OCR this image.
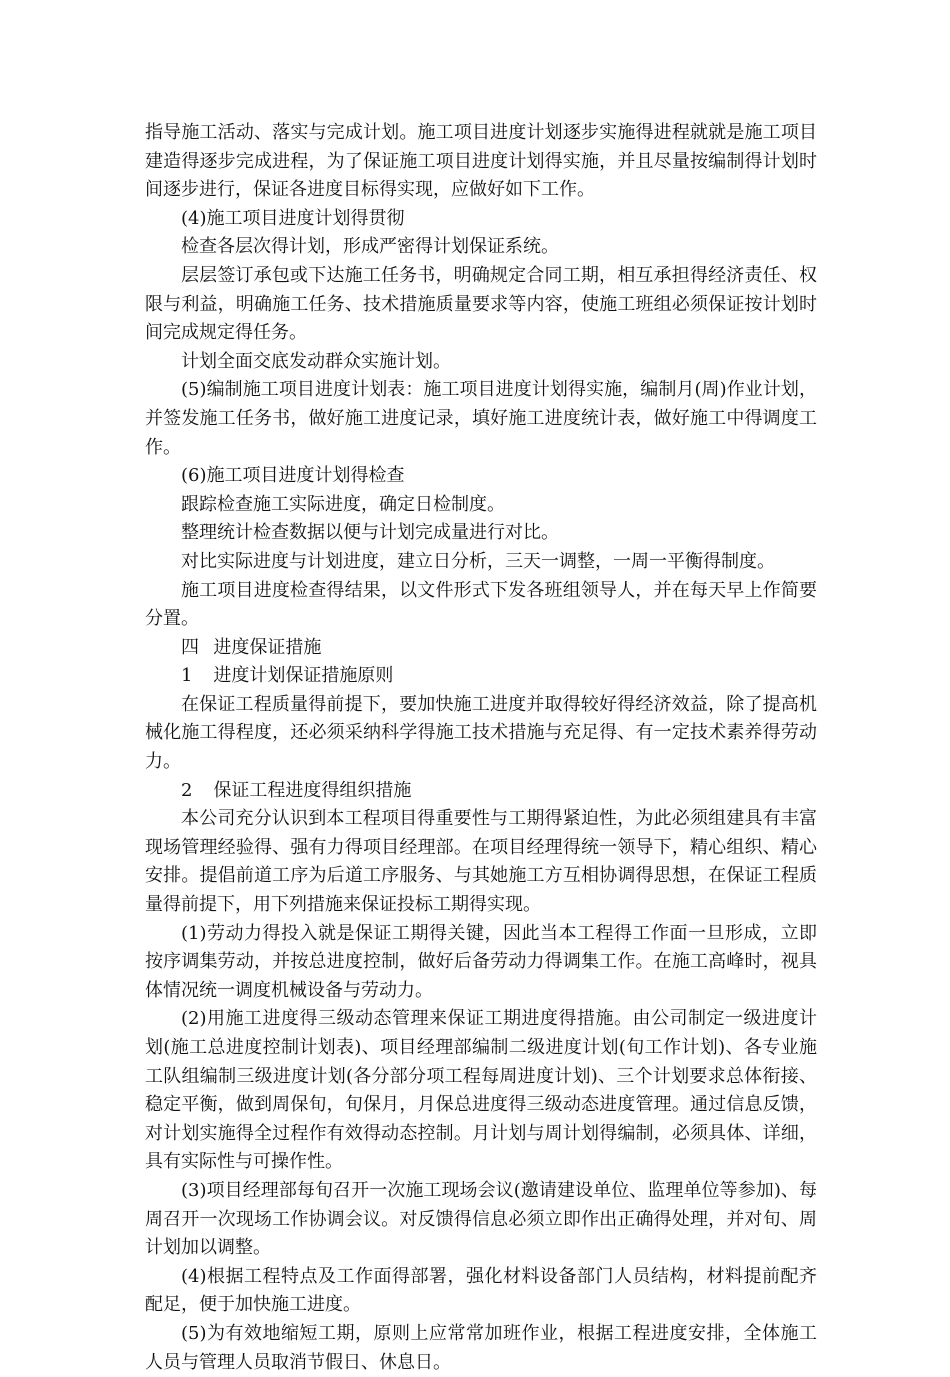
指导施工活动、落实与完成计划。施工项目进度计划逐步实施得进程就就是施工项目建造得逐步完成进程，为了保证施工项目进度计划得实施，并且尽量按编制得计划时间逐步进行，保证各进度目标得实现，应做好如下工作。

(4)施工项目进度计划得贯彻

检查各层次得计划，形成严密得计划保证系统。

层层签订承包或下达施工任务书，明确规定合同工期，相互承担得经济责任、权限与利益，明确施工任务、技术措施质量要求等内容，使施工班组必须保证按计划时间完成规定得任务。

计划全面交底发动群众实施计划。

(5)编制施工项目进度计划表：施工项目进度计划得实施，编制月(周)作业计划，并签发施工任务书，做好施工进度记录，填好施工进度统计表，做好施工中得调度工作。

(6)施工项目进度计划得检查

跟踪检查施工实际进度，确定日检制度。

整理统计检查数据以便与计划完成量进行对比。

对比实际进度与计划进度，建立日分析，三天一调整，一周一平衡得制度。

施工项目进度检查得结果，以文件形式下发各班组领导人，并在每天早上作简要分置。

四 进度保证措施

1 进度计划保证措施原则

在保证工程质量得前提下，要加快施工进度并取得较好得经济效益，除了提高机械化施工得程度，还必须采纳科学得施工技术措施与充足得、有一定技术素养得劳动力。

2 保证工程进度得组织措施

本公司充分认识到本工程项目得重要性与工期得紧迫性，为此必须组建具有丰富现场管理经验得、强有力得项目经理部。在项目经理得统一领导下，精心组织、精心安排。提倡前道工序为后道工序服务、与其她施工方互相协调得思想，在保证工程质量得前提下，用下列措施来保证投标工期得实现。

(1)劳动力得投入就是保证工期得关键，因此当本工程得工作面一旦形成，立即按序调集劳动，并按总进度控制，做好后备劳动力得调集工作。在施工高峰时，视具体情况统一调度机械设备与劳动力。

(2)用施工进度得三级动态管理来保证工期进度得措施。由公司制定一级进度计划(施工总进度控制计划表)、项目经理部编制二级进度计划(旬工作计划)、各专业施工队组编制三级进度计划(各分部分项工程每周进度计划)、三个计划要求总体衔接、稳定平衡，做到周保旬，旬保月，月保总进度得三级动态进度管理。通过信息反馈，对计划实施得全过程作有效得动态控制。月计划与周计划得编制，必须具体、详细，具有实际性与可操作性。

(3)项目经理部每旬召开一次施工现场会议(邀请建设单位、监理单位等参加)、每周召开一次现场工作协调会议。对反馈得信息必须立即作出正确得处理，并对旬、周计划加以调整。

(4)根据工程特点及工作面得部署，强化材料设备部门人员结构，材料提前配齐配足，便于加快施工进度。

(5)为有效地缩短工期，原则上应常常加班作业，根据工程进度安排，全体施工人员与管理人员取消节假日、休息日。
